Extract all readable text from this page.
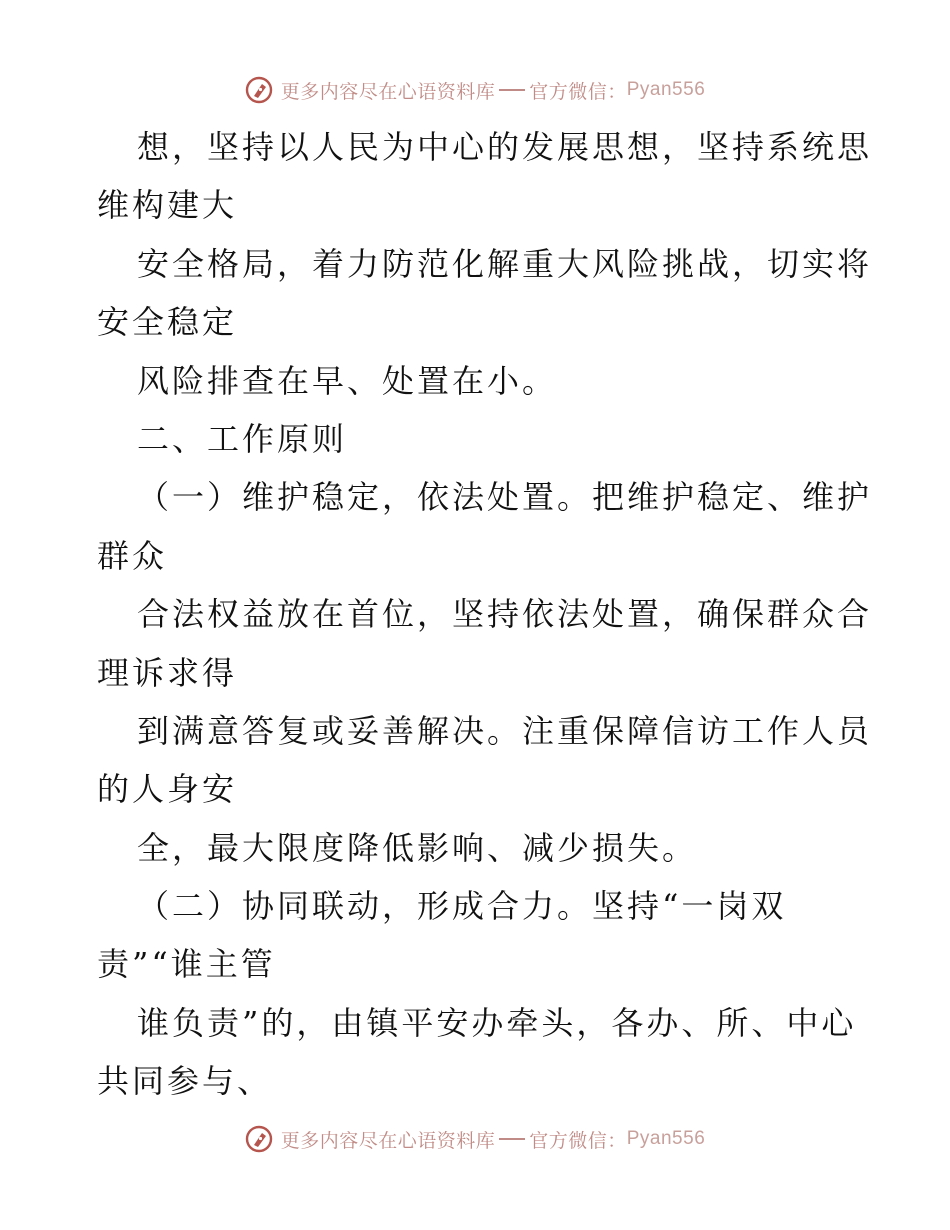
更多内容尽在心语资料库 官方微信： Pyan556
想，坚持以人民为中心的发展思想，坚持系统思
维构建大
安全格局，着力防范化解重大风险挑战，切实将
安全稳定
风险排查在早、处置在小。
二、工作原则
（一）维护稳定，依法处置。把维护稳定、维护
群众
合法权益放在首位，坚持依法处置，确保群众合
理诉求得
到满意答复或妥善解决。注重保障信访工作人员
的人身安
全，最大限度降低影响、减少损失。
（二）协同联动，形成合力。坚持“一岗双
责”“谁主管
谁负责”的，由镇平安办牵头，各办、所、中心
共同参与、
更多内容尽在心语资料库 官方微信： Pyan556
